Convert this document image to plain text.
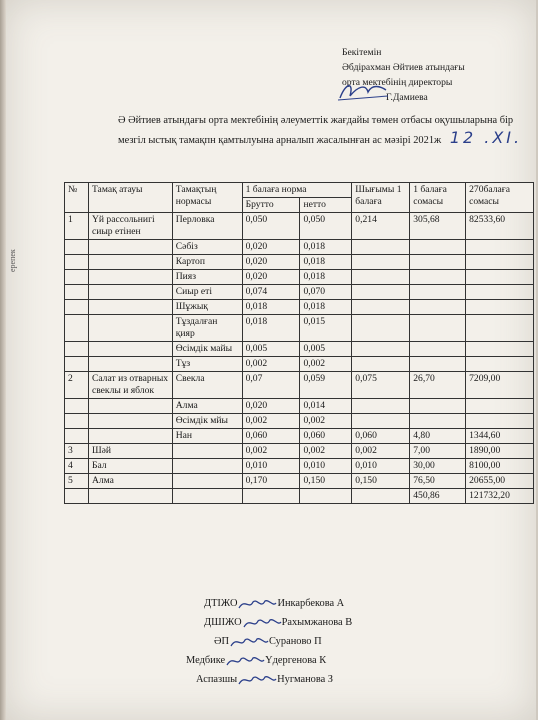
ерепек
Бекітемін
Әбдірахман Әйтиев атындағы
орта мектебінің директоры
Г.Дамиева
Ә Әйтиев атындағы орта мектебінің әлеуметтік жағдайы төмен отбасы оқушыларына бір мезгіл ыстық тамақпн қамтылуына арналып жасалынған ас мәзірі 2021ж 12 .XI.
№	Тамақ атауы	Тамақтың нормасы	1 балаға норма		Шығымы 1 балаға	1 балаға сомасы	270балаға сомасы
			Брутто	нетто			
1	Үй рассольнигі сиыр етінен	Перловка	0,050	0,050	0,214	305,68	82533,60
		Сәбіз	0,020	0,018			
		Картоп	0,020	0,018			
		Пияз	0,020	0,018			
		Сиыр еті	0,074	0,070			
		Шұжық	0,018	0,018			
		Тұздалған қияр	0,018	0,015			
		Өсімдік майы	0,005	0,005			
		Тұз	0,002	0,002			
2	Салат из отварных свеклы и яблок	Свекла	0,07	0,059	0,075	26,70	7209,00
		Алма	0,020	0,014			
		Өсімдік мйы	0,002	0,002			
		Нан	0,060	0,060	0,060	4,80	1344,60
3	Шәй		0,002	0,002	0,002	7,00	1890,00
4	Бал		0,010	0,010	0,010	30,00	8100,00
5	Алма		0,170	0,150	0,150	76,50	20655,00
						450,86	121732,20
ДТІЖО	Инкарбекова А
ДШІЖО	Рахымжанова В
ӘП	Сураново П
Медбике	Үдергенова К
Аспазшы	Нугманова З
